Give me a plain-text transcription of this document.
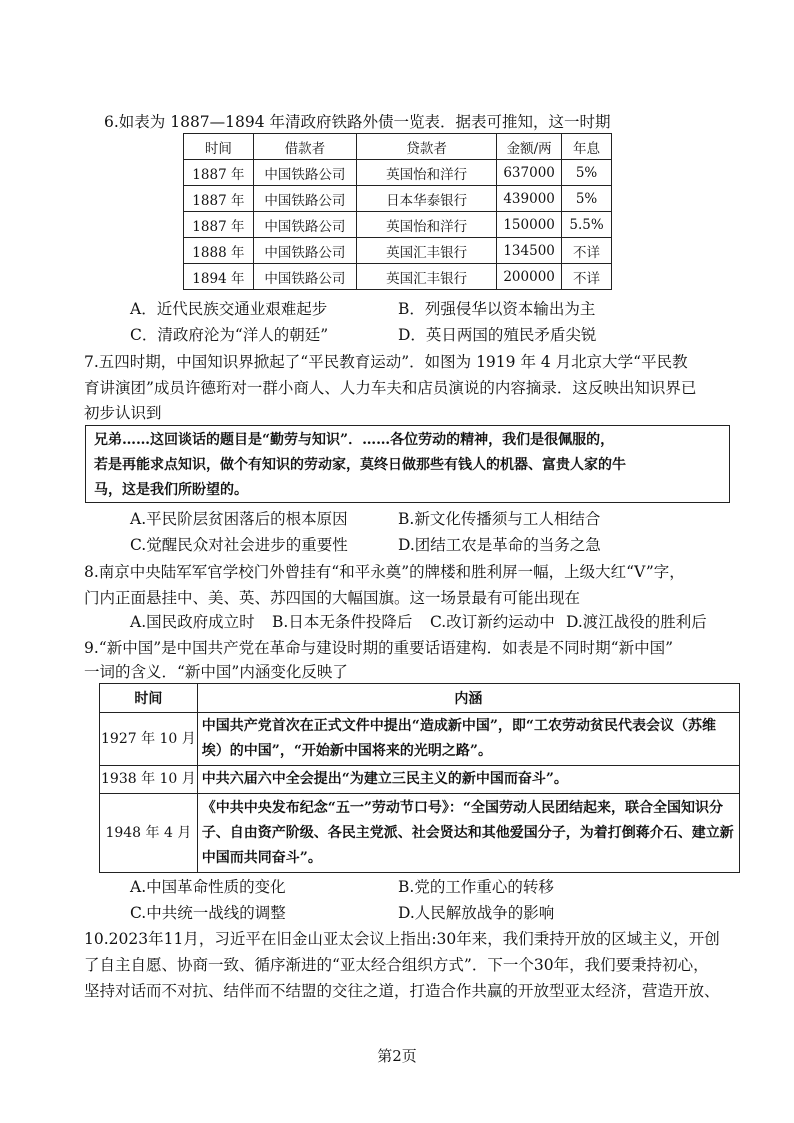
6.如表为 1887—1894 年清政府铁路外债一览表．据表可推知，这一时期
时间	借款者	贷款者	金额/两	年息
1887 年	中国铁路公司	英国怡和洋行	637000	5%
1887 年	中国铁路公司	日本华泰银行	439000	5%
1887 年	中国铁路公司	英国怡和洋行	150000	5.5%
1888 年	中国铁路公司	英国汇丰银行	134500	不详
1894 年	中国铁路公司	英国汇丰银行	200000	不详
A．近代民族交通业艰难起步	B．列强侵华以资本输出为主
C．清政府沦为“洋人的朝廷”	D．英日两国的殖民矛盾尖锐
7.五四时期，中国知识界掀起了“平民教育运动”．如图为 1919 年 4 月北京大学“平民教
育讲演团”成员许德珩对一群小商人、人力车夫和店员演说的内容摘录．这反映出知识界已
初步认识到
兄弟……这回谈话的题目是“勤劳与知识”．……各位劳动的精神，我们是很佩服的，
若是再能求点知识，做个有知识的劳动家，莫终日做那些有钱人的机器、富贵人家的牛
马，这是我们所盼望的。
A.平民阶层贫困落后的根本原因	B.新文化传播须与工人相结合
C.觉醒民众对社会进步的重要性	D.团结工农是革命的当务之急
8.南京中央陆军军官学校门外曾挂有“和平永奠”的牌楼和胜利屏一幅，上级大红“V”字，
门内正面悬挂中、美、英、苏四国的大幅国旗。这一场景最有可能出现在
A.国民政府成立时 B.日本无条件投降后 C.改订新约运动中 D.渡江战役的胜利后
9.“新中国”是中国共产党在革命与建设时期的重要话语建构．如表是不同时期“新中国”
一词的含义．“新中国”内涵变化反映了
时间	内涵
1927 年 10 月	中国共产党首次在正式文件中提出“造成新中国”，即“工农劳动贫民代表会议（苏维埃）的中国”，“开始新中国将来的光明之路”。
1938 年 10 月	中共六届六中全会提出“为建立三民主义的新中国而奋斗”。
1948 年 4 月	《中共中央发布纪念“五一”劳动节口号》：“全国劳动人民团结起来，联合全国知识分子、自由资产阶级、各民主党派、社会贤达和其他爱国分子，为着打倒蒋介石、建立新中国而共同奋斗”。
A.中国革命性质的变化	B.党的工作重心的转移
C.中共统一战线的调整	D.人民解放战争的影响
10.2023年11月，习近平在旧金山亚太会议上指出:30年来，我们秉持开放的区域主义，开创
了自主自愿、协商一致、循序渐进的“亚太经合组织方式”．下一个30年，我们要秉持初心，
坚持对话而不对抗、结伴而不结盟的交往之道，打造合作共赢的开放型亚太经济，营造开放、
第2页
